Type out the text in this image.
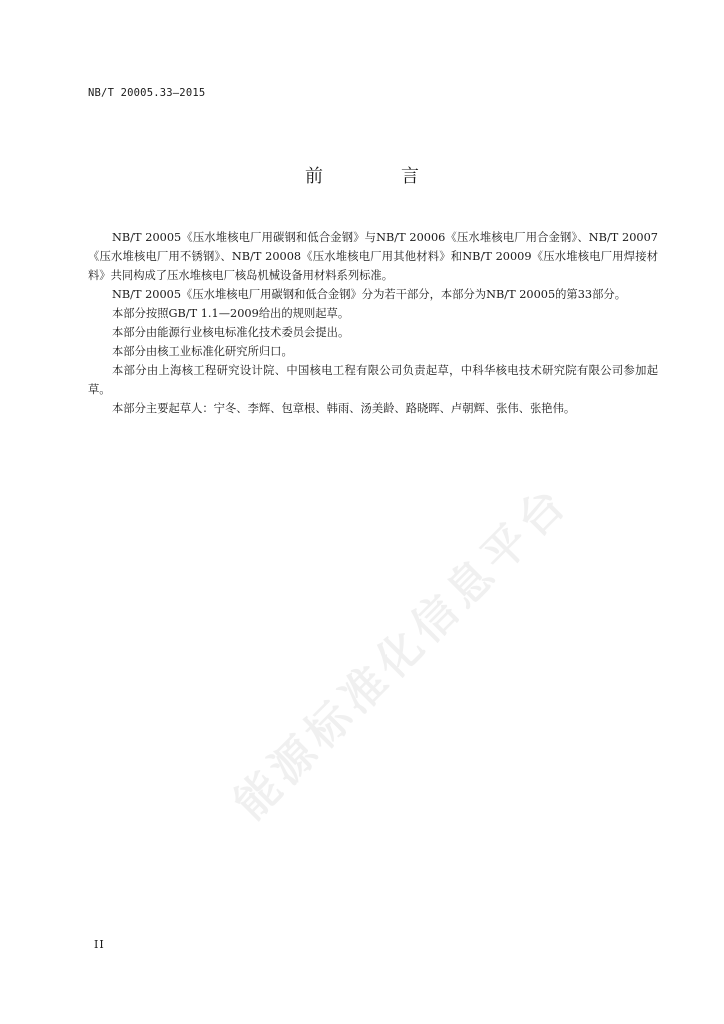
NB/T 20005.33—2015
前　言

NB/T 20005《压水堆核电厂用碳钢和低合金钢》与NB/T 20006《压水堆核电厂用合金钢》、NB/T 20007《压水堆核电厂用不锈钢》、NB/T 20008《压水堆核电厂用其他材料》和NB/T 20009《压水堆核电厂用焊接材料》共同构成了压水堆核电厂核岛机械设备用材料系列标准。

NB/T 20005《压水堆核电厂用碳钢和低合金钢》分为若干部分，本部分为NB/T 20005的第33部分。

本部分按照GB/T 1.1—2009给出的规则起草。

本部分由能源行业核电标准化技术委员会提出。

本部分由核工业标准化研究所归口。

本部分由上海核工程研究设计院、中国核电工程有限公司负责起草，中科华核电技术研究院有限公司参加起草。

本部分主要起草人：宁冬、李辉、包章根、韩雨、汤美龄、路晓晖、卢朝辉、张伟、张艳伟。

能源标准化信息平台
II
